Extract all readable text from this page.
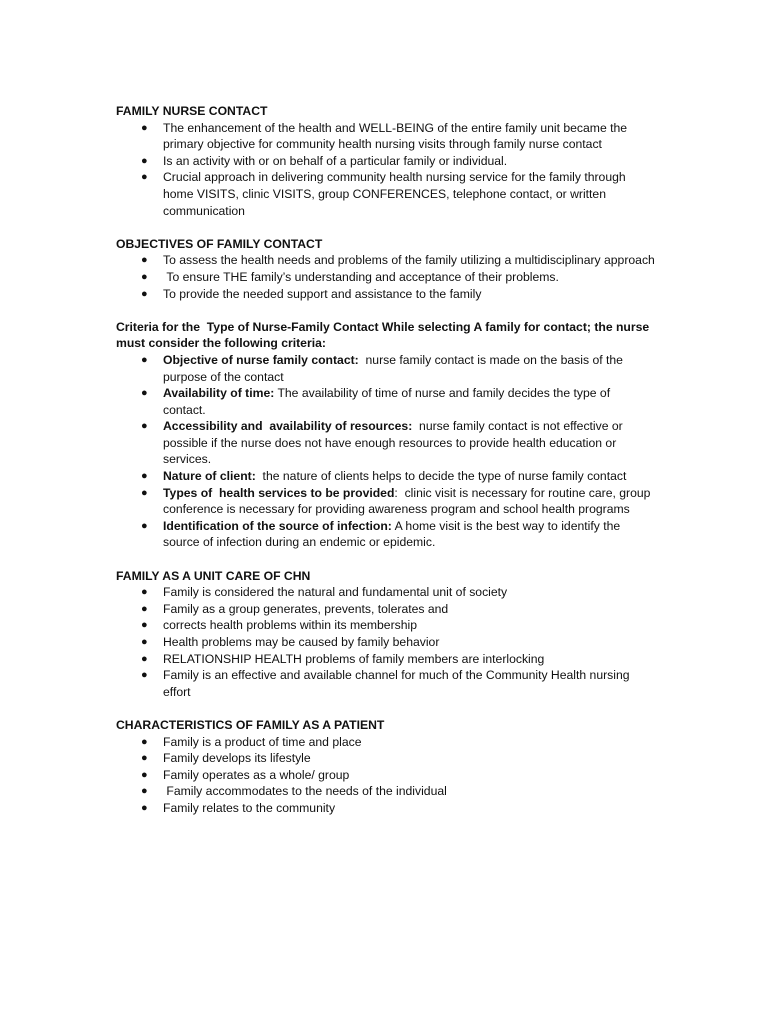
FAMILY NURSE CONTACT

● The enhancement of the health and WELL-BEING of the entire family unit became the primary objective for community health nursing visits through family nurse contact
● Is an activity with or on behalf of a particular family or individual.
● Crucial approach in delivering community health nursing service for the family through home VISITS, clinic VISITS, group CONFERENCES, telephone contact, or written communication

OBJECTIVES OF FAMILY CONTACT

● To assess the health needs and problems of the family utilizing a multidisciplinary approach
● To ensure THE family’s understanding and acceptance of their problems.
● To provide the needed support and assistance to the family

Criteria for the  Type of Nurse-Family Contact While selecting A family for contact; the nurse must consider the following criteria:

● Objective of nurse family contact:  nurse family contact is made on the basis of the purpose of the contact
● Availability of time: The availability of time of nurse and family decides the type of contact.
● Accessibility and  availability of resources:  nurse family contact is not effective or possible if the nurse does not have enough resources to provide health education or services.
● Nature of client:  the nature of clients helps to decide the type of nurse family contact
● Types of  health services to be provided:  clinic visit is necessary for routine care, group conference is necessary for providing awareness program and school health programs
● Identification of the source of infection: A home visit is the best way to identify the source of infection during an endemic or epidemic.

FAMILY AS A UNIT CARE OF CHN

● Family is considered the natural and fundamental unit of society
● Family as a group generates, prevents, tolerates and
● corrects health problems within its membership
● Health problems may be caused by family behavior
● RELATIONSHIP HEALTH problems of family members are interlocking
● Family is an effective and available channel for much of the Community Health nursing effort

CHARACTERISTICS OF FAMILY AS A PATIENT

● Family is a product of time and place
● Family develops its lifestyle
● Family operates as a whole/ group
● Family accommodates to the needs of the individual
● Family relates to the community
